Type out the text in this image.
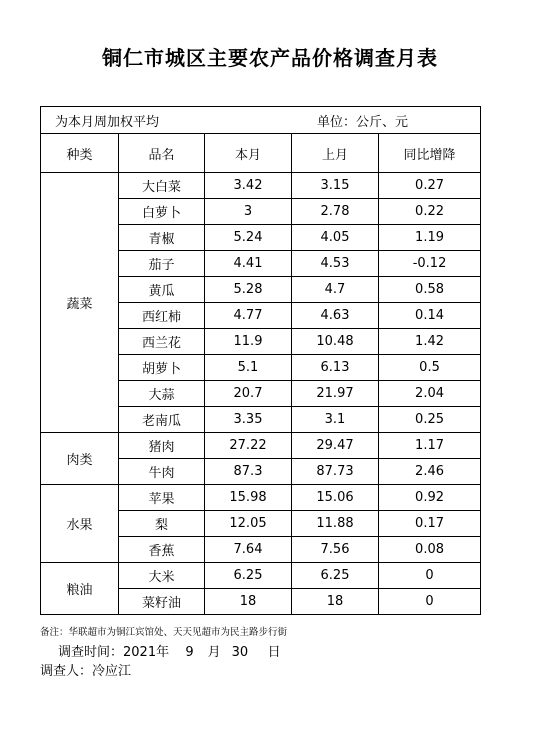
铜仁市城区主要农产品价格调查月表
为本月周加权平均 单位：公斤、元				
种类	品名	本月	上月	同比增降
蔬菜	大白菜	3.42	3.15	0.27
	白萝卜	3	2.78	0.22
	青椒	5.24	4.05	1.19
	茄子	4.41	4.53	-0.12
	黄瓜	5.28	4.7	0.58
	西红柿	4.77	4.63	0.14
	西兰花	11.9	10.48	1.42
	胡萝卜	5.1	6.13	0.5
	大蒜	20.7	21.97	2.04
	老南瓜	3.35	3.1	0.25
肉类	猪肉	27.22	29.47	1.17
	牛肉	87.3	87.73	2.46
水果	苹果	15.98	15.06	0.92
	梨	12.05	11.88	0.17
	香蕉	7.64	7.56	0.08
粮油	大米	6.25	6.25	0
	菜籽油	18	18	0
备注：华联超市为铜江宾馆处、天天见超市为民主路步行街
调查时间：2021年 9 月 30 日
调查人：冷应江
